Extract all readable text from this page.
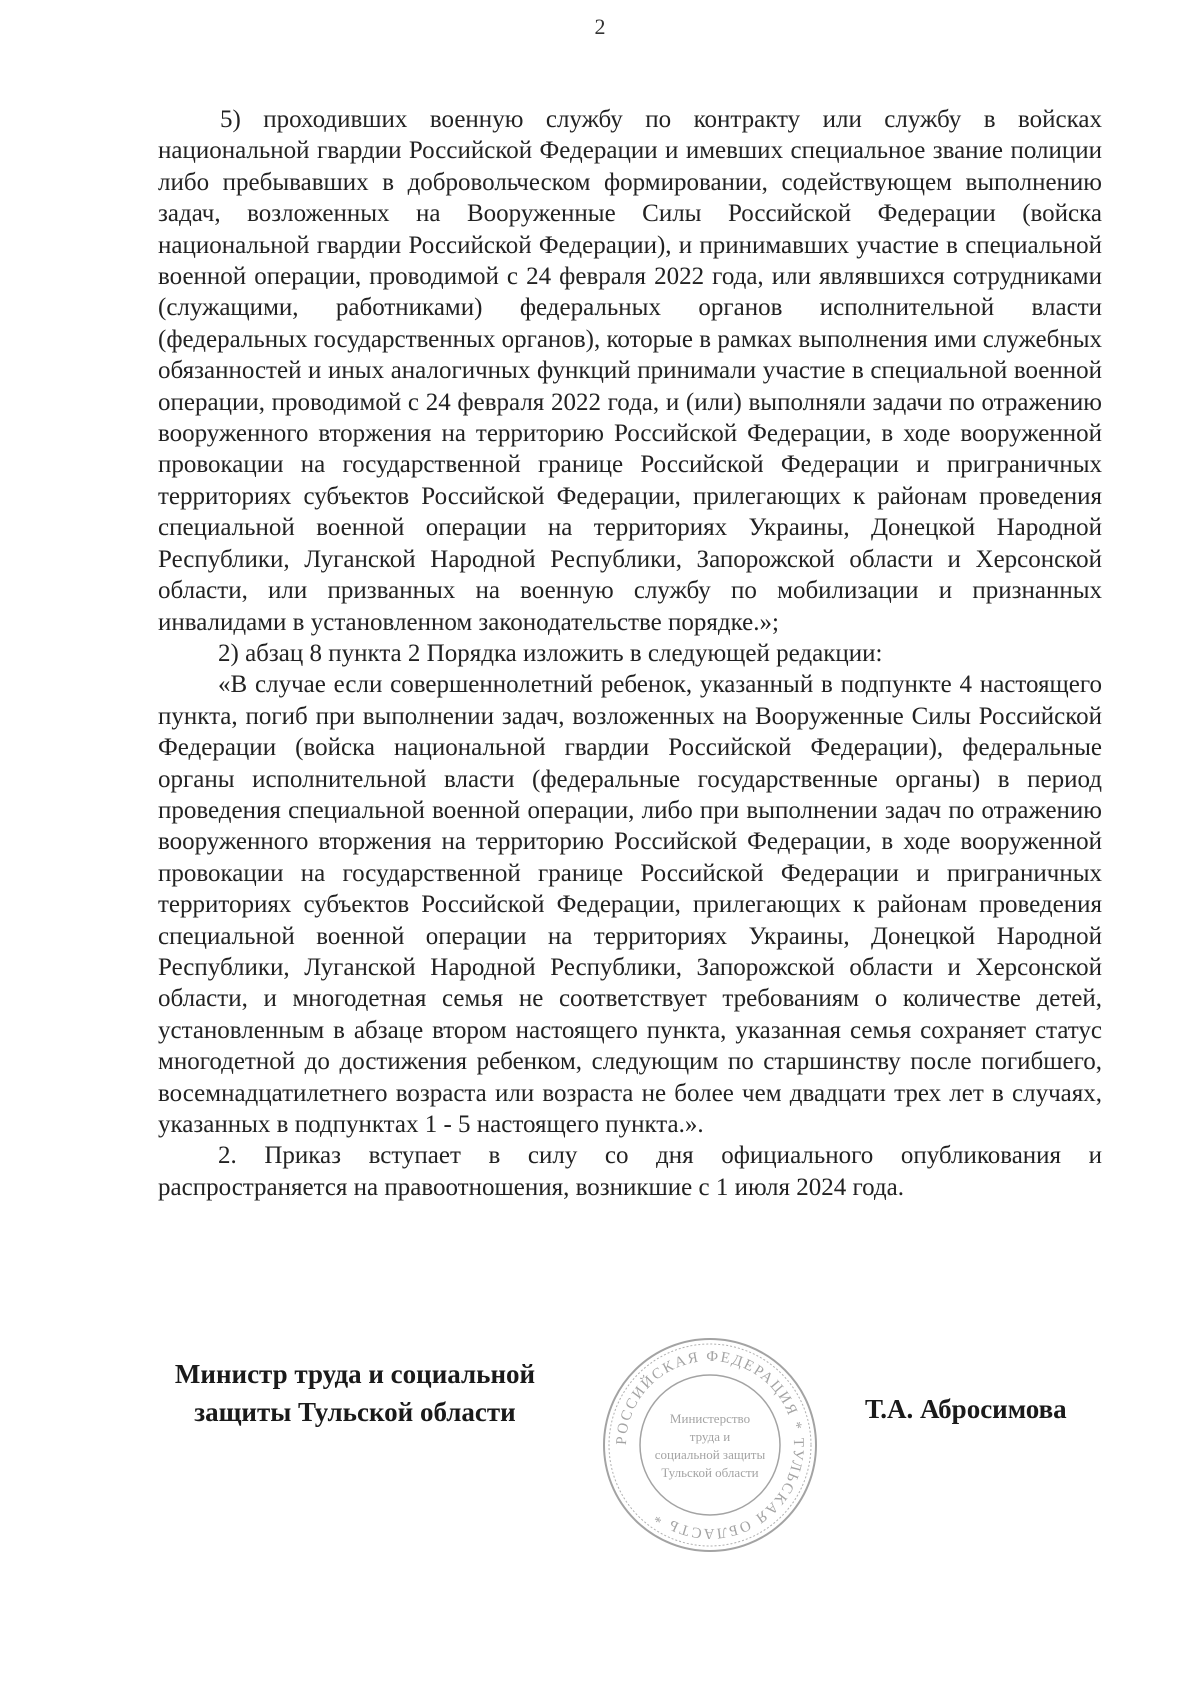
2

5) проходивших военную службу по контракту или службу в войсках национальной гвардии Российской Федерации и имевших специальное звание полиции либо пребывавших в добровольческом формировании, содействующем выполнению задач, возложенных на Вооруженные Силы Российской Федерации (войска национальной гвардии Российской Федерации), и принимавших участие в специальной военной операции, проводимой с 24 февраля 2022 года, или являвшихся сотрудниками (служащими, работниками) федеральных органов исполнительной власти (федеральных государственных органов), которые в рамках выполнения ими служебных обязанностей и иных аналогичных функций принимали участие в специальной военной операции, проводимой с 24 февраля 2022 года, и (или) выполняли задачи по отражению вооруженного вторжения на территорию Российской Федерации, в ходе вооруженной провокации на государственной границе Российской Федерации и приграничных территориях субъектов Российской Федерации, прилегающих к районам проведения специальной военной операции на территориях Украины, Донецкой Народной Республики, Луганской Народной Республики, Запорожской области и Херсонской области, или призванных на военную службу по мобилизации и признанных инвалидами в установленном законодательстве порядке.»;

2) абзац 8 пункта 2 Порядка изложить в следующей редакции:

«В случае если совершеннолетний ребенок, указанный в подпункте 4 настоящего пункта, погиб при выполнении задач, возложенных на Вооруженные Силы Российской Федерации (войска национальной гвардии Российской Федерации), федеральные органы исполнительной власти (федеральные государственные органы) в период проведения специальной военной операции, либо при выполнении задач по отражению вооруженного вторжения на территорию Российской Федерации, в ходе вооруженной провокации на государственной границе Российской Федерации и приграничных территориях субъектов Российской Федерации, прилегающих к районам проведения специальной военной операции на территориях Украины, Донецкой Народной Республики, Луганской Народной Республики, Запорожской области и Херсонской области, и многодетная семья не соответствует требованиям о количестве детей, установленным в абзаце втором настоящего пункта, указанная семья сохраняет статус многодетной до достижения ребенком, следующим по старшинству после погибшего, восемнадцатилетнего возраста или возраста не более чем двадцати трех лет в случаях, указанных в подпунктах 1 - 5 настоящего пункта.».

2. Приказ вступает в силу со дня официального опубликования и распространяется на правоотношения, возникшие с 1 июля 2024 года.

Министр труда и социальной
защиты Тульской области
РОССИЙСКАЯ ФЕДЕРАЦИЯ * ТУЛЬСКАЯ ОБЛАСТЬ *
Министерство
труда и
социальной защиты
Тульской области
Т.А. Абросимова
